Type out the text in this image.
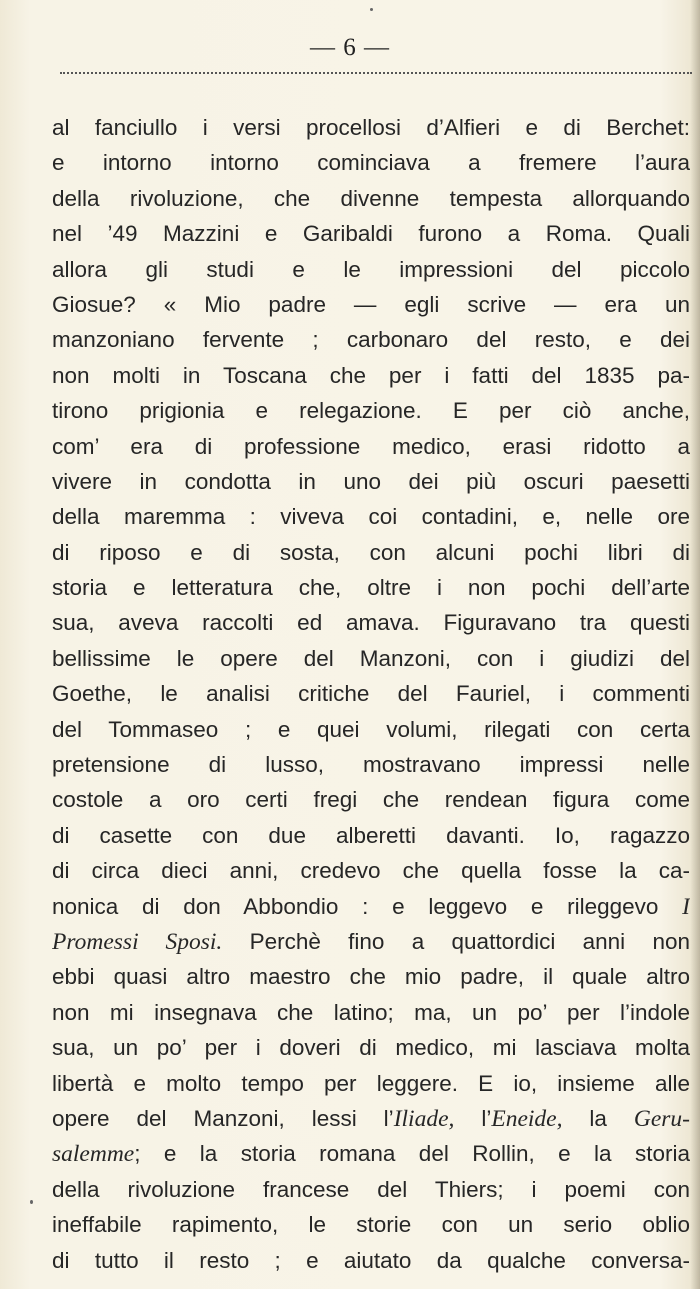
— 6 —
al fanciullo i versi procellosi d’Alfieri e di Berchet:
e intorno intorno cominciava a fremere l’aura
della rivoluzione, che divenne tempesta allorquando
nel ’49 Mazzini e Garibaldi furono a Roma. Quali
allora gli studi e le impressioni del piccolo
Giosue? « Mio padre — egli scrive — era un
manzoniano fervente ; carbonaro del resto, e dei
non molti in Toscana che per i fatti del 1835 pa-
tirono prigionia e relegazione. E per ciò anche,
com’ era di professione medico, erasi ridotto a
vivere in condotta in uno dei più oscuri paesetti
della maremma : viveva coi contadini, e, nelle ore
di riposo e di sosta, con alcuni pochi libri di
storia e letteratura che, oltre i non pochi dell’arte
sua, aveva raccolti ed amava. Figuravano tra questi
bellissime le opere del Manzoni, con i giudizi del
Goethe, le analisi critiche del Fauriel, i commenti
del Tommaseo ; e quei volumi, rilegati con certa
pretensione di lusso, mostravano impressi nelle
costole a oro certi fregi che rendean figura come
di casette con due alberetti davanti. Io, ragazzo
di circa dieci anni, credevo che quella fosse la ca-
nonica di don Abbondio : e leggevo e rileggevo I
Promessi Sposi. Perchè fino a quattordici anni non
ebbi quasi altro maestro che mio padre, il quale altro
non mi insegnava che latino; ma, un po’ per l’indole
sua, un po’ per i doveri di medico, mi lasciava molta
libertà e molto tempo per leggere. E io, insieme alle
opere del Manzoni, lessi l’Iliade, l’Eneide, la Geru-
salemme; e la storia romana del Rollin, e la storia
della rivoluzione francese del Thiers; i poemi con
ineffabile rapimento, le storie con un serio oblio
di tutto il resto ; e aiutato da qualche conversa-
